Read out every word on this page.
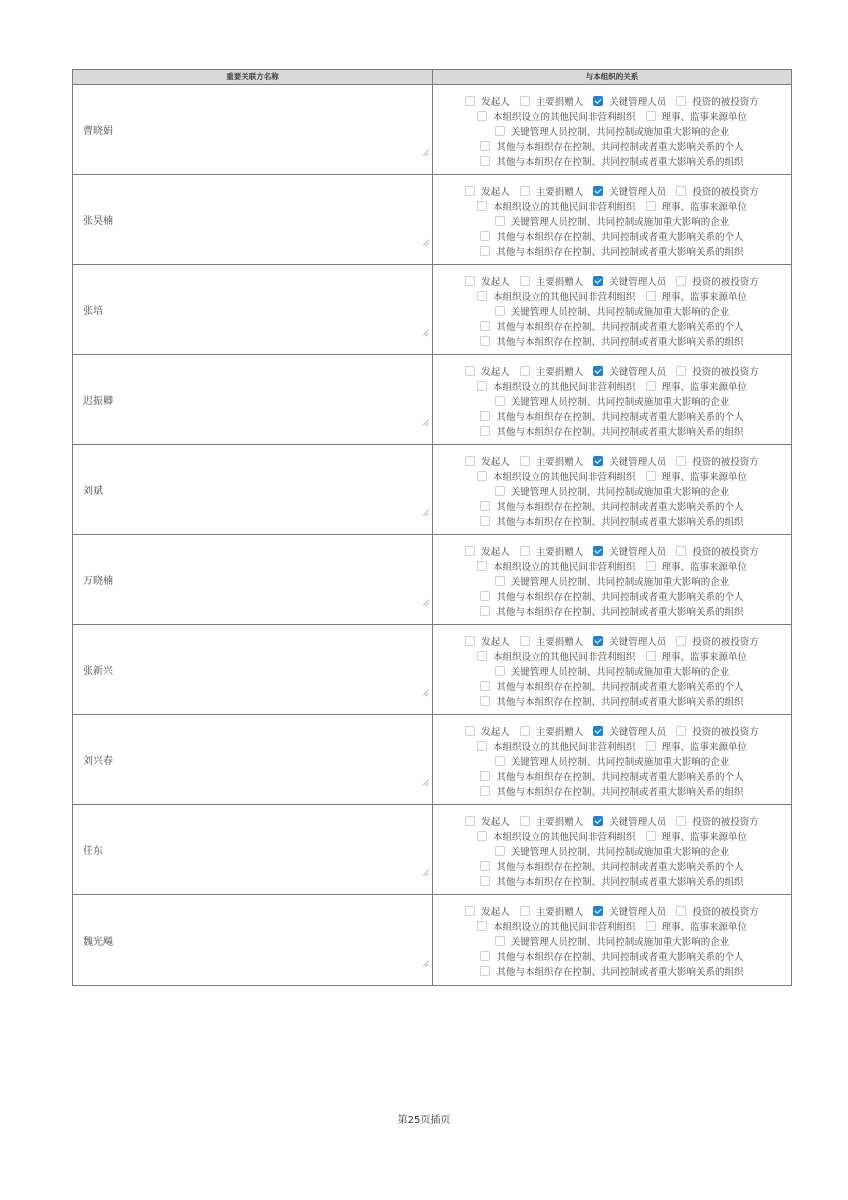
重要关联方名称	与本组织的关系
曹晓娟
发起人	主要捐赠人	关键管理人员	投资的被投资方
本组织设立的其他民间非营利组织	理事、监事来源单位
关键管理人员控制、共同控制或施加重大影响的企业
其他与本组织存在控制、共同控制或者重大影响关系的个人
其他与本组织存在控制、共同控制或者重大影响关系的组织
张昊楠
发起人	主要捐赠人	关键管理人员	投资的被投资方
本组织设立的其他民间非营利组织	理事、监事来源单位
关键管理人员控制、共同控制或施加重大影响的企业
其他与本组织存在控制、共同控制或者重大影响关系的个人
其他与本组织存在控制、共同控制或者重大影响关系的组织
张培
发起人	主要捐赠人	关键管理人员	投资的被投资方
本组织设立的其他民间非营利组织	理事、监事来源单位
关键管理人员控制、共同控制或施加重大影响的企业
其他与本组织存在控制、共同控制或者重大影响关系的个人
其他与本组织存在控制、共同控制或者重大影响关系的组织
迟振卿
发起人	主要捐赠人	关键管理人员	投资的被投资方
本组织设立的其他民间非营利组织	理事、监事来源单位
关键管理人员控制、共同控制或施加重大影响的企业
其他与本组织存在控制、共同控制或者重大影响关系的个人
其他与本组织存在控制、共同控制或者重大影响关系的组织
刘斌
发起人	主要捐赠人	关键管理人员	投资的被投资方
本组织设立的其他民间非营利组织	理事、监事来源单位
关键管理人员控制、共同控制或施加重大影响的企业
其他与本组织存在控制、共同控制或者重大影响关系的个人
其他与本组织存在控制、共同控制或者重大影响关系的组织
万晓楠
发起人	主要捐赠人	关键管理人员	投资的被投资方
本组织设立的其他民间非营利组织	理事、监事来源单位
关键管理人员控制、共同控制或施加重大影响的企业
其他与本组织存在控制、共同控制或者重大影响关系的个人
其他与本组织存在控制、共同控制或者重大影响关系的组织
张新兴
发起人	主要捐赠人	关键管理人员	投资的被投资方
本组织设立的其他民间非营利组织	理事、监事来源单位
关键管理人员控制、共同控制或施加重大影响的企业
其他与本组织存在控制、共同控制或者重大影响关系的个人
其他与本组织存在控制、共同控制或者重大影响关系的组织
刘兴春
发起人	主要捐赠人	关键管理人员	投资的被投资方
本组织设立的其他民间非营利组织	理事、监事来源单位
关键管理人员控制、共同控制或施加重大影响的企业
其他与本组织存在控制、共同控制或者重大影响关系的个人
其他与本组织存在控制、共同控制或者重大影响关系的组织
任东
发起人	主要捐赠人	关键管理人员	投资的被投资方
本组织设立的其他民间非营利组织	理事、监事来源单位
关键管理人员控制、共同控制或施加重大影响的企业
其他与本组织存在控制、共同控制或者重大影响关系的个人
其他与本组织存在控制、共同控制或者重大影响关系的组织
魏光飚
发起人	主要捐赠人	关键管理人员	投资的被投资方
本组织设立的其他民间非营利组织	理事、监事来源单位
关键管理人员控制、共同控制或施加重大影响的企业
其他与本组织存在控制、共同控制或者重大影响关系的个人
其他与本组织存在控制、共同控制或者重大影响关系的组织
第25页插页
